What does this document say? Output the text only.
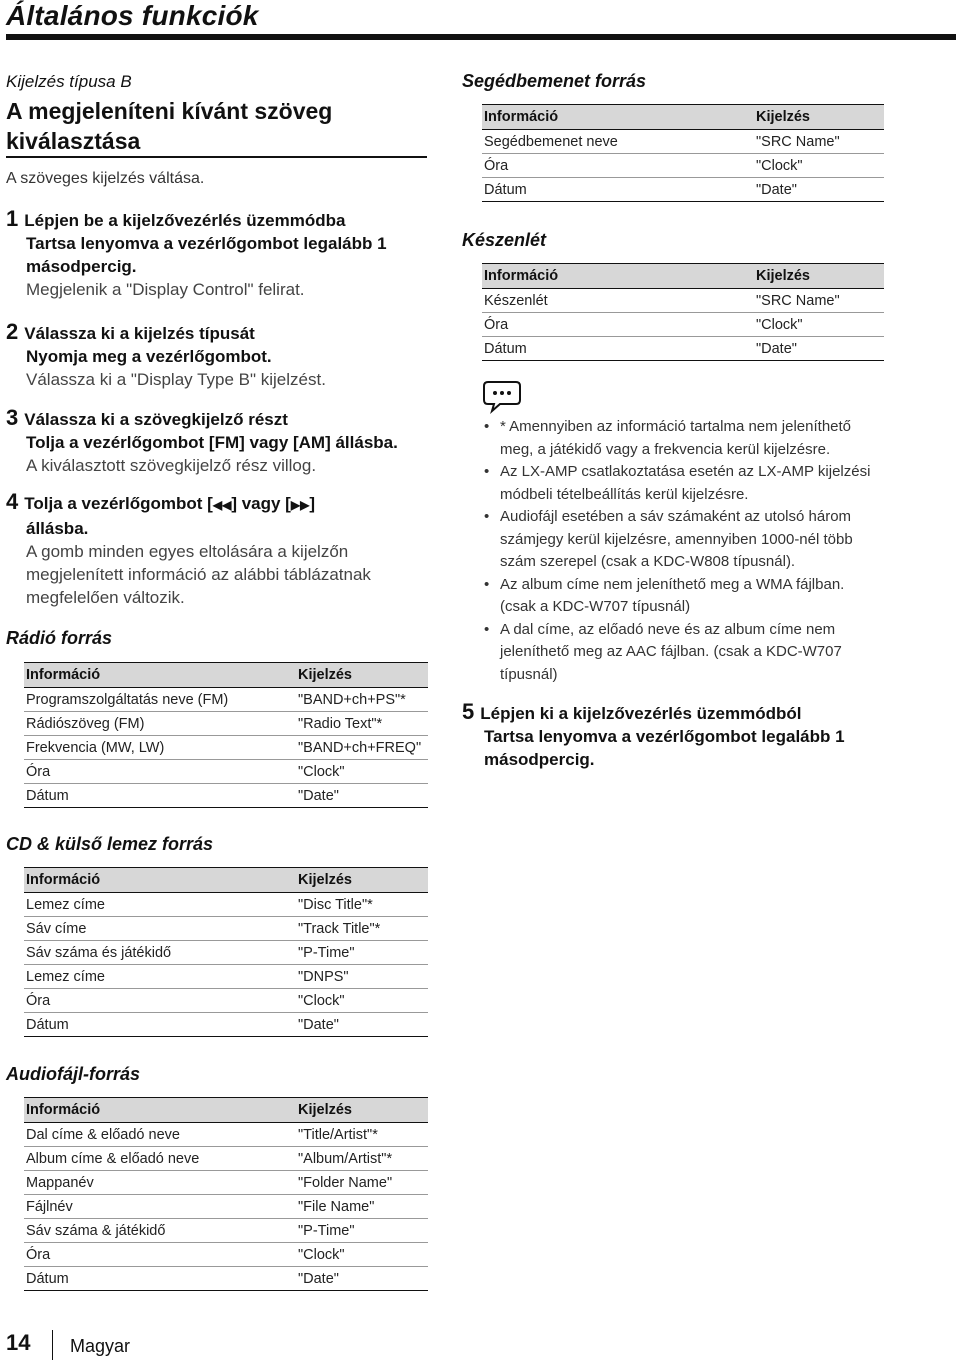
Általános funkciók
Kijelzés típusa B
A megjeleníteni kívánt szöveg kiválasztása
A szöveges kijelzés váltása.
1 Lépjen be a kijelzővezérlés üzemmódba
Tartsa lenyomva a vezérlőgombot legalább 1 másodpercig.
Megjelenik a "Display Control" felirat.
2 Válassza ki a kijelzés típusát
Nyomja meg a vezérlőgombot.
Válassza ki a "Display Type B" kijelzést.
3 Válassza ki a szövegkijelző részt
Tolja a vezérlőgombot [FM] vagy [AM] állásba.
A kiválasztott szövegkijelző rész villog.
4 Tolja a vezérlőgombot [◀◀] vagy [▶▶]
állásba.
A gomb minden egyes eltolására a kijelzőn megjelenített információ az alábbi táblázatnak megfelelően változik.
Rádió forrás
Információ	Kijelzés
Programszolgáltatás neve (FM)	"BAND+ch+PS"*
Rádiószöveg (FM)	"Radio Text"*
Frekvencia (MW, LW)	"BAND+ch+FREQ"
Óra	"Clock"
Dátum	"Date"
CD & külső lemez forrás
Információ	Kijelzés
Lemez címe	"Disc Title"*
Sáv címe	"Track Title"*
Sáv száma és játékidő	"P-Time"
Lemez címe	"DNPS"
Óra	"Clock"
Dátum	"Date"
Audiofájl-forrás
Információ	Kijelzés
Dal címe & előadó neve	"Title/Artist"*
Album címe & előadó neve	"Album/Artist"*
Mappanév	"Folder Name"
Fájlnév	"File Name"
Sáv száma & játékidő	"P-Time"
Óra	"Clock"
Dátum	"Date"
Segédbemenet forrás
Információ	Kijelzés
Segédbemenet neve	"SRC Name"
Óra	"Clock"
Dátum	"Date"
Készenlét
Információ	Kijelzés
Készenlét	"SRC Name"
Óra	"Clock"
Dátum	"Date"
• * Amennyiben az információ tartalma nem jeleníthető meg, a játékidő vagy a frekvencia kerül kijelzésre.
• Az LX-AMP csatlakoztatása esetén az LX-AMP kijelzési módbeli tételbeállítás kerül kijelzésre.
• Audiofájl esetében a sáv számaként az utolsó három számjegy kerül kijelzésre, amennyiben 1000-nél több szám szerepel (csak a KDC-W808 típusnál).
• Az album címe nem jeleníthető meg a WMA fájlban. (csak a KDC-W707 típusnál)
• A dal címe, az előadó neve és az album címe nem jeleníthető meg az AAC fájlban. (csak a KDC-W707 típusnál)
5 Lépjen ki a kijelzővezérlés üzemmódból
Tartsa lenyomva a vezérlőgombot legalább 1 másodpercig.
14 Magyar
